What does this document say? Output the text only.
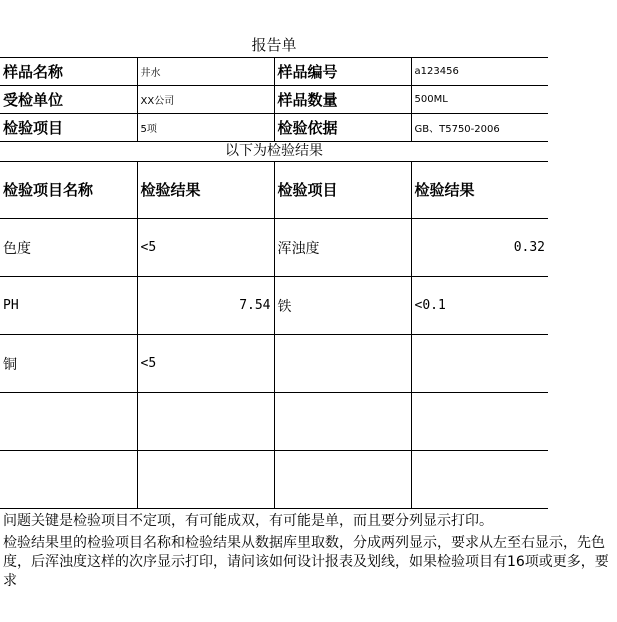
报告单
样品名称	井水	样品编号	a123456
受检单位	XX公司	样品数量	500ML
检验项目	5项	检验依据	GB、T5750-2006
以下为检验结果
检验项目名称	检验结果	检验项目	检验结果
色度	<5	浑浊度	0.32
PH	7.54	铁	<0.1
铜	<5		

问题关键是检验项目不定项，有可能成双，有可能是单，而且要分列显示打印。
检验结果里的检验项目名称和检验结果从数据库里取数，分成两列显示，要求从左至右显示，先色度，后浑浊度这样的次序显示打印，请问该如何设计报表及划线，如果检验项目有16项或更多，要求
